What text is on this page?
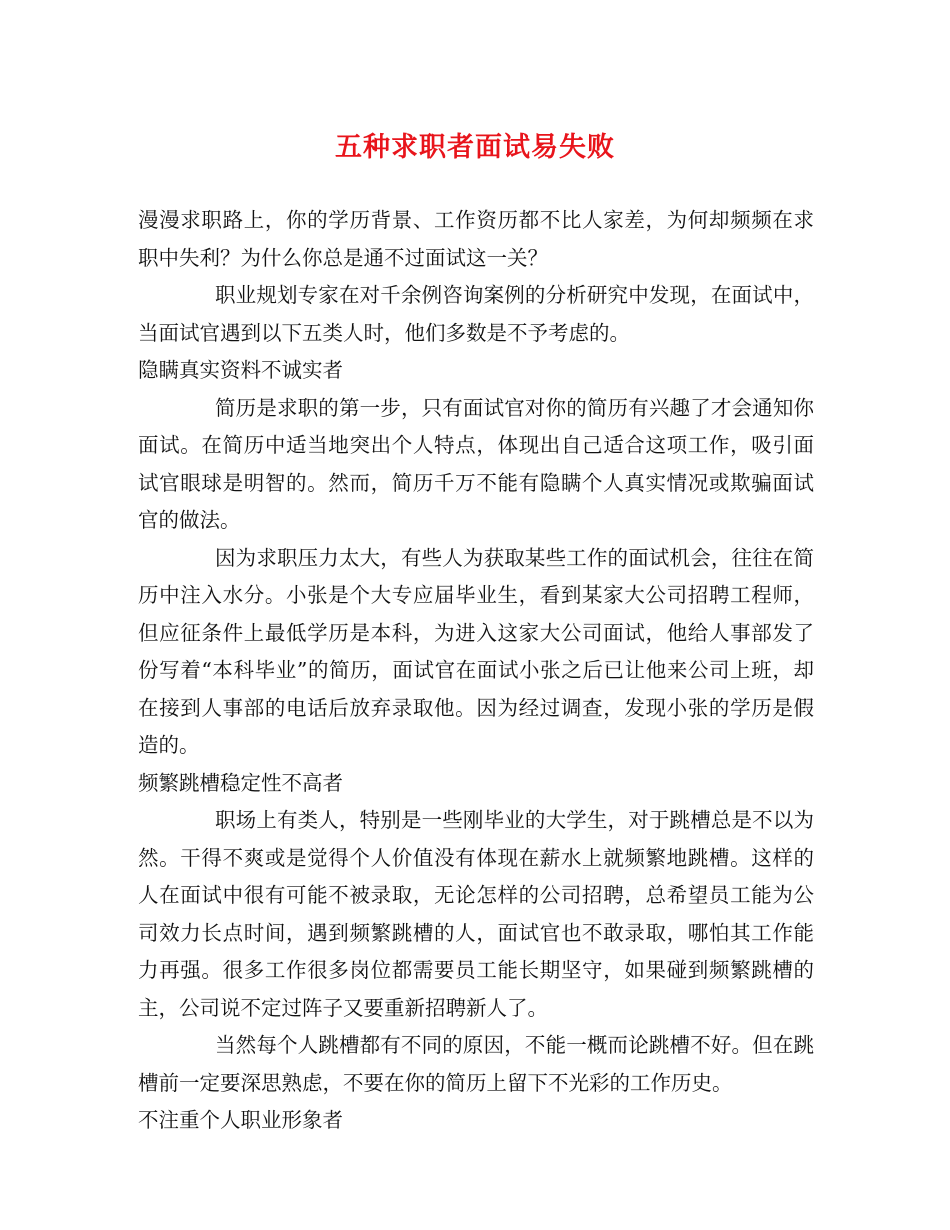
五种求职者面试易失败

漫漫求职路上，你的学历背景、工作资历都不比人家差，为何却频频在求职中失利？为什么你总是通不过面试这一关？

职业规划专家在对千余例咨询案例的分析研究中发现，在面试中，当面试官遇到以下五类人时，他们多数是不予考虑的。

隐瞒真实资料不诚实者

简历是求职的第一步，只有面试官对你的简历有兴趣了才会通知你面试。在简历中适当地突出个人特点，体现出自己适合这项工作，吸引面试官眼球是明智的。然而，简历千万不能有隐瞒个人真实情况或欺骗面试官的做法。

因为求职压力太大，有些人为获取某些工作的面试机会，往往在简历中注入水分。小张是个大专应届毕业生，看到某家大公司招聘工程师，但应征条件上最低学历是本科，为进入这家大公司面试，他给人事部发了份写着“本科毕业”的简历，面试官在面试小张之后已让他来公司上班，却在接到人事部的电话后放弃录取他。因为经过调查，发现小张的学历是假造的。

频繁跳槽稳定性不高者

职场上有类人，特别是一些刚毕业的大学生，对于跳槽总是不以为然。干得不爽或是觉得个人价值没有体现在薪水上就频繁地跳槽。这样的人在面试中很有可能不被录取，无论怎样的公司招聘，总希望员工能为公司效力长点时间，遇到频繁跳槽的人，面试官也不敢录取，哪怕其工作能力再强。很多工作很多岗位都需要员工能长期坚守，如果碰到频繁跳槽的主，公司说不定过阵子又要重新招聘新人了。

当然每个人跳槽都有不同的原因，不能一概而论跳槽不好。但在跳槽前一定要深思熟虑，不要在你的简历上留下不光彩的工作历史。

不注重个人职业形象者
